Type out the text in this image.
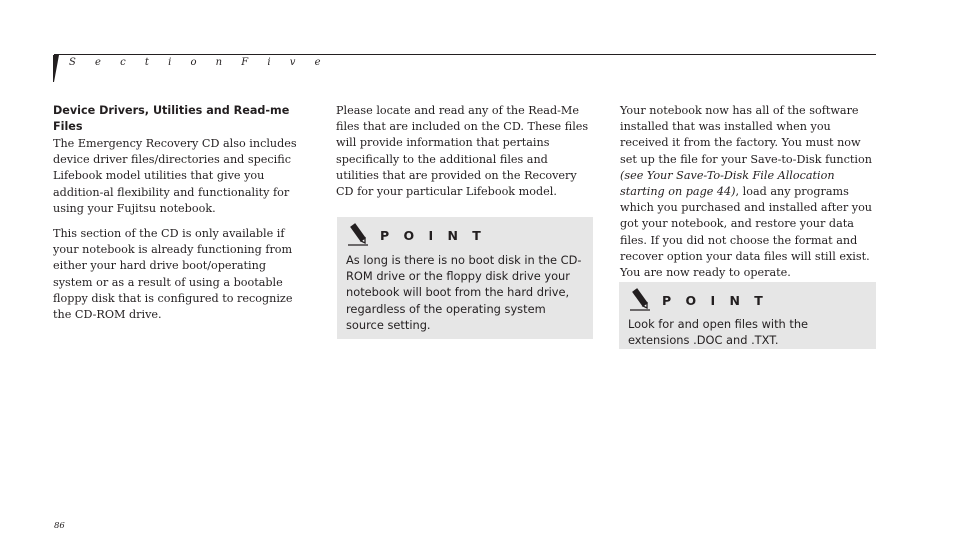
S e c t i o n F i v e
Device Drivers, Utilities and Read-me Files

The Emergency Recovery CD also includes device driver files/directories and specific Lifebook model utilities that give you addition-al flexibility and functionality for using your Fujitsu notebook.

This section of the CD is only available if your notebook is already functioning from either your hard drive boot/operating system or as a result of using a bootable floppy disk that is configured to recognize the CD-ROM drive.

Please locate and read any of the Read-Me files that are included on the CD. These files will provide information that pertains specifically to the additional files and utilities that are provided on the Recovery CD for your particular Lifebook model.

P O I N T
As long is there is no boot disk in the CD-ROM drive or the floppy disk drive your notebook will boot from the hard drive, regardless of the operating system source setting.

Your notebook now has all of the software installed that was installed when you received it from the factory. You must now set up the file for your Save-to-Disk function (see Your Save-To-Disk File Allocation starting on page 44), load any programs which you purchased and installed after you got your notebook, and restore your data files. If you did not choose the format and recover option your data files will still exist. You are now ready to operate.

P O I N T
Look for and open files with the extensions .DOC and .TXT.
86
